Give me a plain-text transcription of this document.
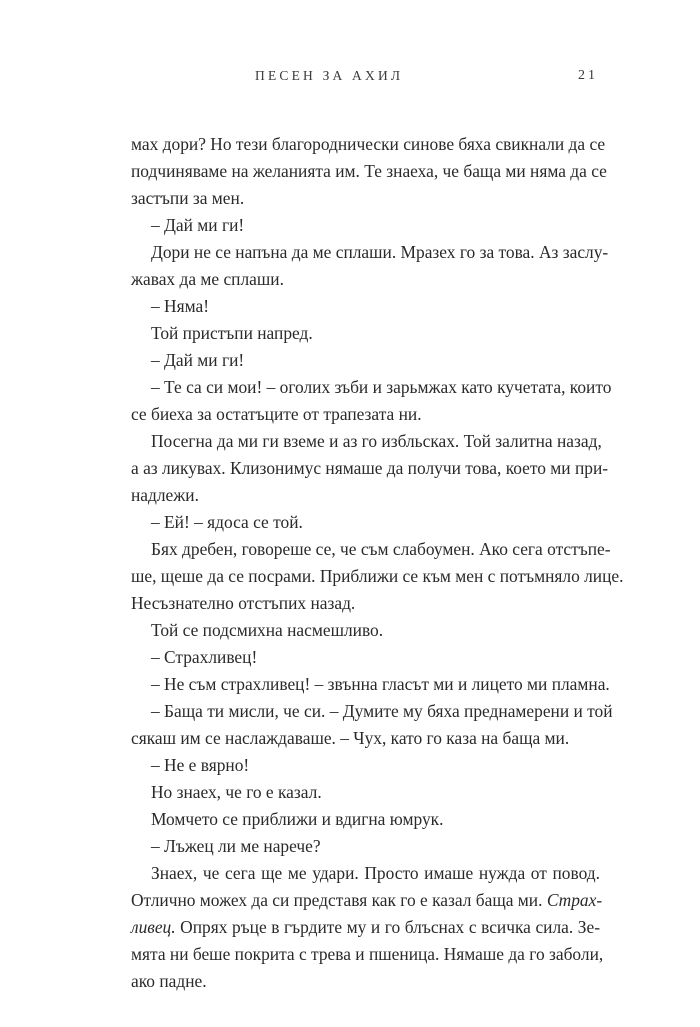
ПЕСЕН ЗА АХИЛ	21
мах дори? Но тези благороднически синове бяха свикнали да се
подчиняваме на желанията им. Те знаеха, че баща ми няма да се
застъпи за мен.
– Дай ми ги!
Дори не се напъна да ме сплаши. Мразех го за това. Аз заслу-
жавах да ме сплаши.
– Няма!
Той пристъпи напред.
– Дай ми ги!
– Те са си мои! – оголих зъби и зарьмжах като кучетата, които
се биеха за остатъците от трапезата ни.
Посегна да ми ги вземе и аз го избльсках. Той залитна назад,
а аз ликувах. Клизонимус нямаше да получи това, което ми при-
надлежи.
– Ей! – ядоса се той.
Бях дребен, говореше се, че съм слабоумен. Ако сега отстъпе-
ше, щеше да се посрами. Приближи се към мен с потъмняло лице.
Несъзнателно отстъпих назад.
Той се подсмихна насмешливо.
– Страхливец!
– Не съм страхливец! – звънна гласът ми и лицето ми пламна.
– Баща ти мисли, че си. – Думите му бяха преднамерени и той
сякаш им се наслаждаваше. – Чух, като го каза на баща ми.
– Не е вярно!
Но знаех, че го е казал.
Момчето се приближи и вдигна юмрук.
– Лъжец ли ме нарече?
Знаех, че сега ще ме удари. Просто имаше нужда от повод.
Отлично можех да си представя как го е казал баща ми. Страх-
ливец. Опрях ръце в гърдите му и го блъснах с всичка сила. Зе-
мята ни беше покрита с трева и пшеница. Нямаше да го заболи,
ако падне.
